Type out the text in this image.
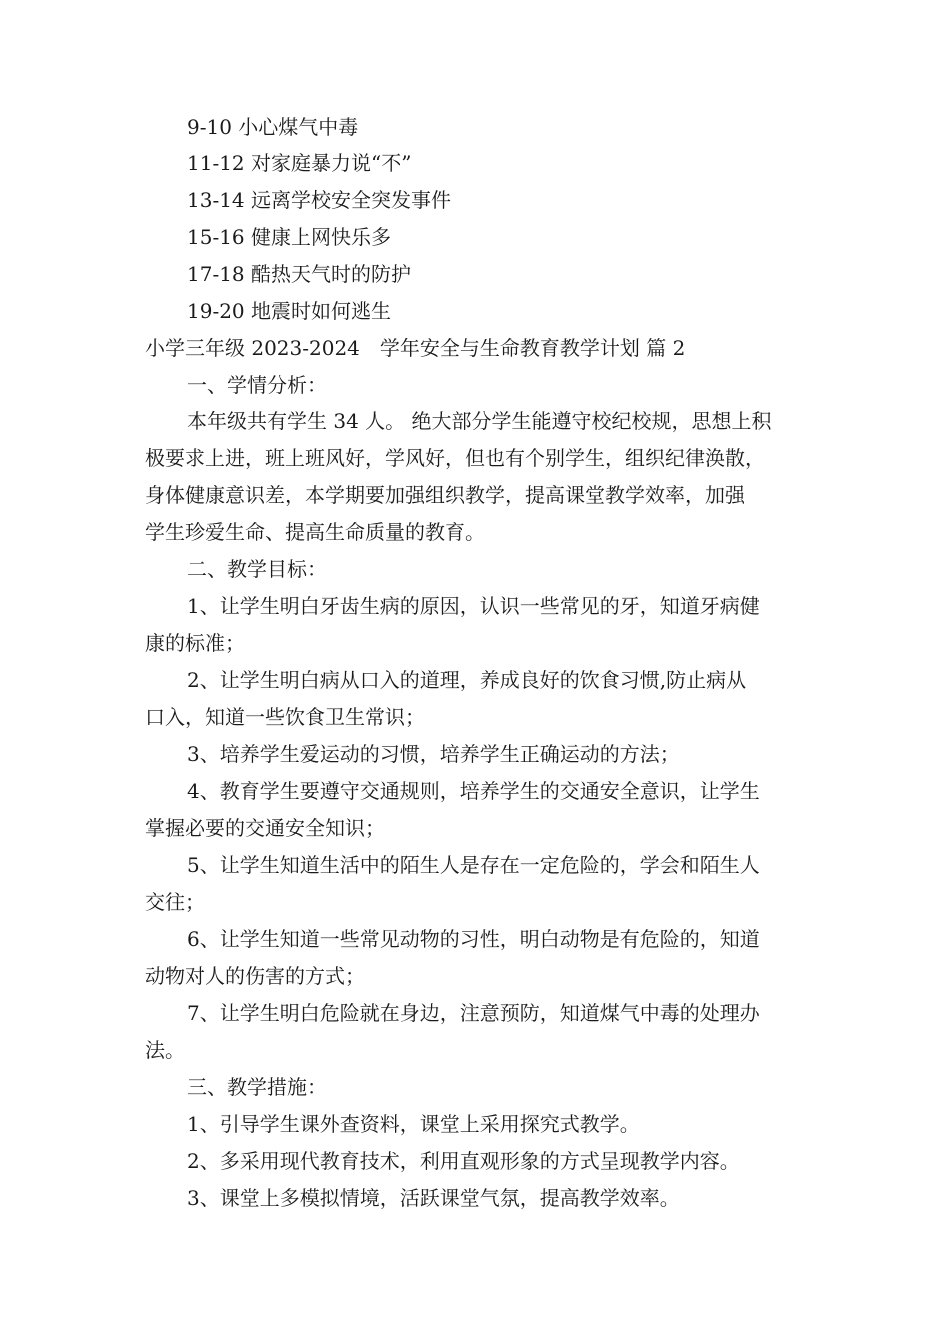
9-10 小心煤气中毒

11-12 对家庭暴力说“不”

13-14 远离学校安全突发事件

15-16 健康上网快乐多

17-18 酷热天气时的防护

19-20 地震时如何逃生

小学三年级 2023-2024　学年安全与生命教育教学计划 篇 2

一、学情分析：

本年级共有学生 34 人。 绝大部分学生能遵守校纪校规，思想上积

极要求上进，班上班风好，学风好，但也有个别学生，组织纪律涣散，

身体健康意识差，本学期要加强组织教学，提高课堂教学效率，加强

学生珍爱生命、提高生命质量的教育。

二、教学目标：

1、让学生明白牙齿生病的原因，认识一些常见的牙，知道牙病健

康的标准；

2、让学生明白病从口入的道理，养成良好的饮食习惯,防止病从

口入，知道一些饮食卫生常识；

3、培养学生爱运动的习惯，培养学生正确运动的方法；

4、教育学生要遵守交通规则，培养学生的交通安全意识，让学生

掌握必要的交通安全知识；

5、让学生知道生活中的陌生人是存在一定危险的，学会和陌生人

交往；

6、让学生知道一些常见动物的习性，明白动物是有危险的，知道

动物对人的伤害的方式；

7、让学生明白危险就在身边，注意预防，知道煤气中毒的处理办

法。

三、教学措施：

1、引导学生课外查资料，课堂上采用探究式教学。

2、多采用现代教育技术，利用直观形象的方式呈现教学内容。

3、课堂上多模拟情境，活跃课堂气氛，提高教学效率。
